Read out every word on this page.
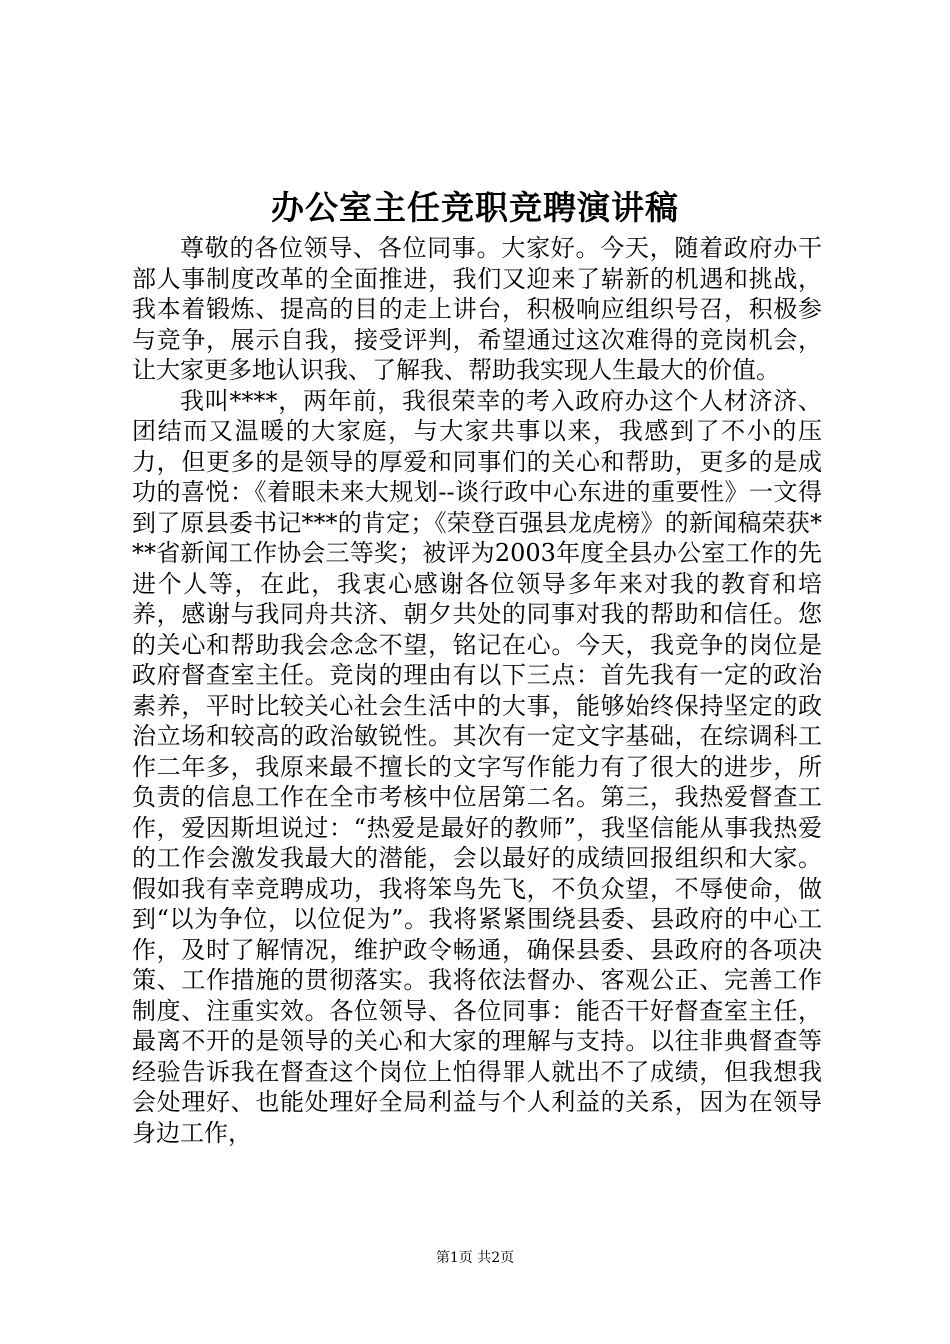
办公室主任竞职竞聘演讲稿

尊敬的各位领导、各位同事。大家好。今天，随着政府办干部人事制度改革的全面推进，我们又迎来了崭新的机遇和挑战，我本着锻炼、提高的目的走上讲台，积极响应组织号召，积极参与竞争，展示自我，接受评判，希望通过这次难得的竞岗机会，让大家更多地认识我、了解我、帮助我实现人生最大的价值。

我叫****，两年前，我很荣幸的考入政府办这个人材济济、团结而又温暖的大家庭，与大家共事以来，我感到了不小的压力，但更多的是领导的厚爱和同事们的关心和帮助，更多的是成功的喜悦：《着眼未来大规划--谈行政中心东进的重要性》一文得到了原县委书记***的肯定；《荣登百强县龙虎榜》的新闻稿荣获***省新闻工作协会三等奖；被评为2003年度全县办公室工作的先进个人等，在此，我衷心感谢各位领导多年来对我的教育和培养，感谢与我同舟共济、朝夕共处的同事对我的帮助和信任。您的关心和帮助我会念念不望，铭记在心。今天，我竞争的岗位是政府督查室主任。竞岗的理由有以下三点：首先我有一定的政治素养，平时比较关心社会生活中的大事，能够始终保持坚定的政治立场和较高的政治敏锐性。其次有一定文字基础，在综调科工作二年多，我原来最不擅长的文字写作能力有了很大的进步，所负责的信息工作在全市考核中位居第二名。第三，我热爱督查工作，爱因斯坦说过：“热爱是最好的教师”，我坚信能从事我热爱的工作会激发我最大的潜能，会以最好的成绩回报组织和大家。假如我有幸竞聘成功，我将笨鸟先飞，不负众望，不辱使命，做到“以为争位，以位促为”。我将紧紧围绕县委、县政府的中心工作，及时了解情况，维护政令畅通，确保县委、县政府的各项决策、工作措施的贯彻落实。我将依法督办、客观公正、完善工作制度、注重实效。各位领导、各位同事：能否干好督查室主任，最离不开的是领导的关心和大家的理解与支持。以往非典督查等经验告诉我在督查这个岗位上怕得罪人就出不了成绩，但我想我会处理好、也能处理好全局利益与个人利益的关系，因为在领导身边工作，

第1页 共2页
